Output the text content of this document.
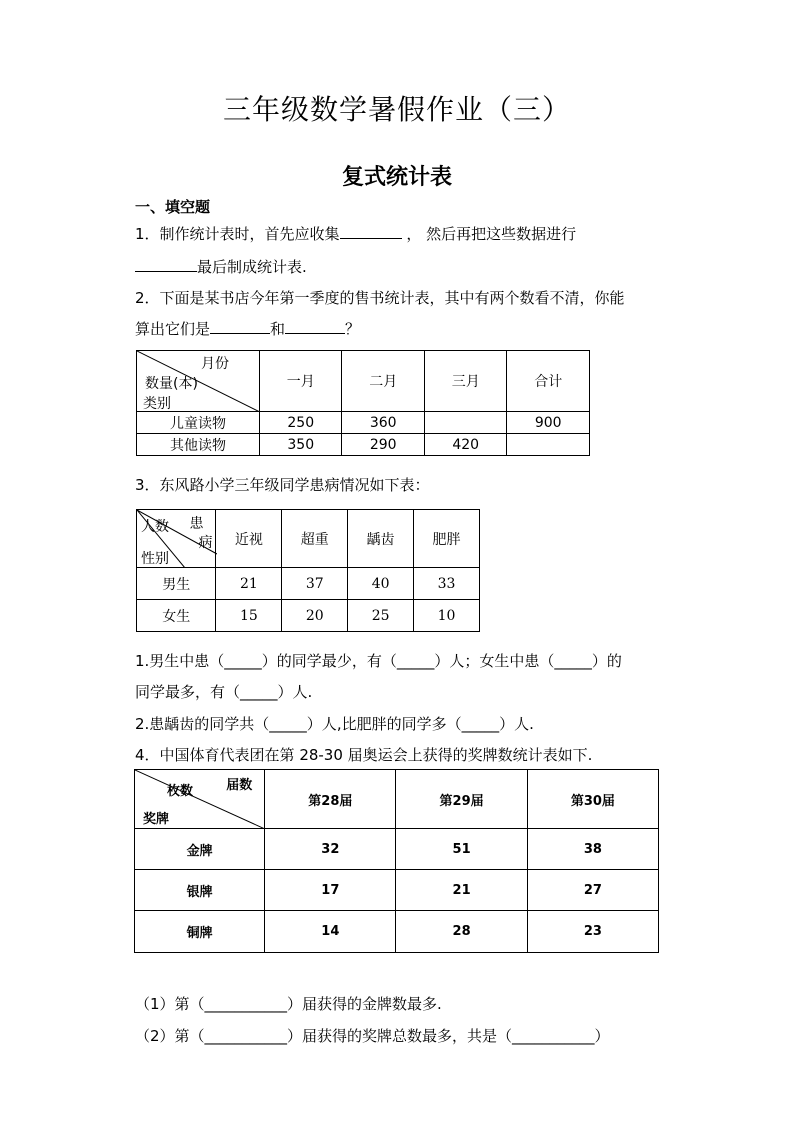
三年级数学暑假作业（三）
复式统计表
一、填空题
1．制作统计表时，首先应收集	， 然后再把这些数据进行
最后制成统计表.
2．下面是某书店今年第一季度的售书统计表，其中有两个数看不清，你能
算出它们是	和	？
月份
数量(本)
类别	一月	二月	三月	合计
儿童读物	250	360		900
其他读物	350	290	420	
3．东风路小学三年级同学患病情况如下表：
人数 患
病
性别	近视	超重	龋齿	肥胖
男生	21	37	40	33
女生	15	20	25	10
1.男生中患（_____）的同学最少，有（_____）人；女生中患（_____）的
同学最多，有（_____）人.
2.患龋齿的同学共（_____）人,比肥胖的同学多（_____）人.
4．中国体育代表团在第 28-30 届奥运会上获得的奖牌数统计表如下.
枚数 届数
奖牌	第28届	第29届	第30届
金牌	32	51	38
银牌	17	21	27
铜牌	14	28	23
（1）第（___________）届获得的金牌数最多.
（2）第（___________）届获得的奖牌总数最多，共是（___________）
